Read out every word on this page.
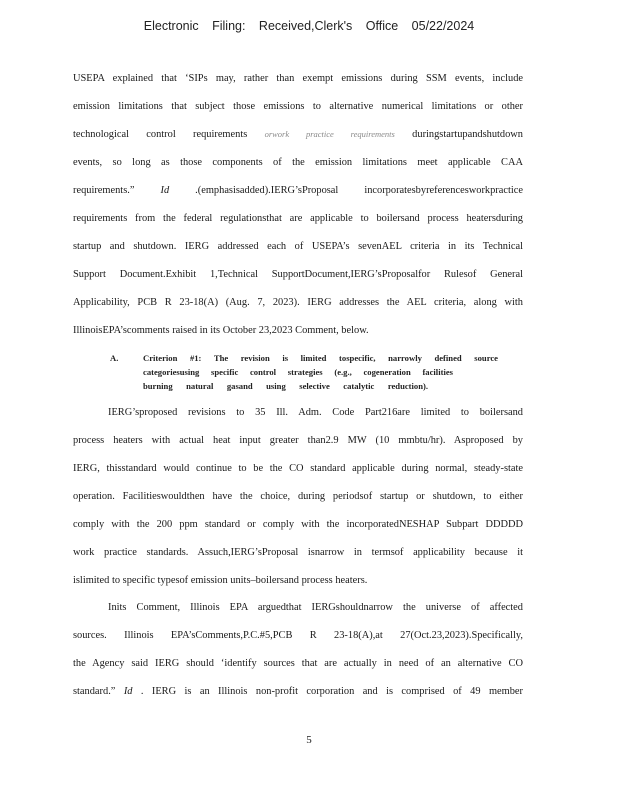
Electronic Filing: Received,Clerk's Office 05/22/2024
USEPA explained that ‘SIPs may, rather than exempt emissions during SSM events, include
emission limitations that subject those emissions to alternative numerical limitations or other
technological control requirements orwork practice requirements duringstartupandshutdown
events, so long as those components of the emission limitations meet applicable CAA
requirements.” Id	.(emphasisadded).IERG’sProposal incorporatesbyreferencesworkpractice
requirements from the federal regulationsthat are applicable to boilersand process heatersduring
startup and shutdown. IERG addressed each of USEPA’s sevenAEL criteria in its Technical
Support Document.Exhibit 1,Technical SupportDocument,IERG’sProposalfor Rulesof General
Applicability, PCB R 23-18(A) (Aug. 7, 2023). IERG addresses the AEL criteria, along with
IllinoisEPA’scomments raised in its October 23,2023 Comment, below.
A.	Criterion #1: The revision is limited tospecific, narrowly defined source
categoriesusing specific control strategies (e.g., cogeneration facilities
burning natural gasand using selective catalytic reduction).
IERG’sproposed revisions to 35 Ill. Adm. Code Part216are limited to boilersand
process heaters with actual heat input greater than2.9 MW (10 mmbtu/hr). Asproposed by
IERG, thisstandard would continue to be the CO standard applicable during normal, steady-state
operation. Facilitieswouldthen have the choice, during periodsof startup or shutdown, to either
comply with the 200 ppm standard or comply with the incorporatedNESHAP Subpart DDDDD
work practice standards. Assuch,IERG’sProposal isnarrow in termsof applicability because it
islimited to specific typesof emission units–boilersand process heaters.
Inits Comment, Illinois EPA arguedthat IERGshouldnarrow the universe of affected
sources. Illinois EPA’sComments,P.C.#5,PCB R 23-18(A),at 27(Oct.23,2023).Specifically,
the Agency said IERG should ‘identify sources that are actually in need of an alternative CO
standard.” Id . IERG is an Illinois non-profit corporation and is comprised of 49 member
5
